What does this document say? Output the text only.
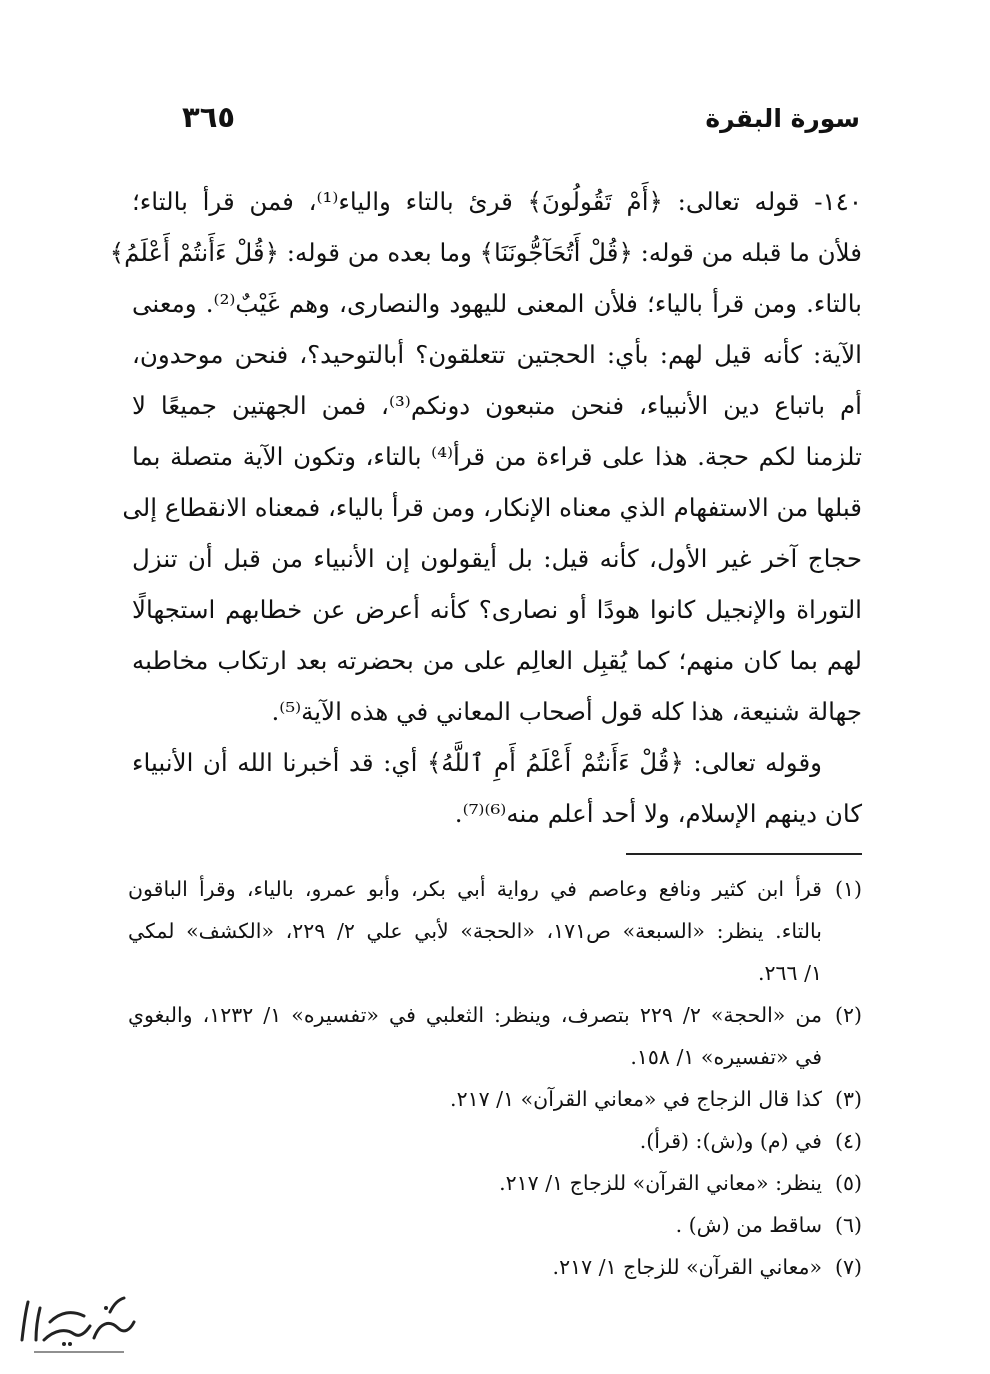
سورة البقرة
٣٦٥
١٤٠- قوله تعالى: ﴿أَمْ تَقُولُونَ﴾ قرئ بالتاء والياء⁽¹⁾، فمن قرأ بالتاء؛
فلأن ما قبله من قوله: ﴿قُلْ أَتُحَآجُّونَنَا﴾ وما بعده من قوله: ﴿قُلْ ءَأَنتُمْ أَعْلَمُ﴾
بالتاء. ومن قرأ بالياء؛ فلأن المعنى لليهود والنصارى، وهم غَيْبٌ⁽²⁾. ومعنى
الآية: كأنه قيل لهم: بأي: الحجتين تتعلقون؟ أبالتوحيد؟، فنحن موحدون،
أم باتباع دين الأنبياء، فنحن متبعون دونكم⁽³⁾، فمن الجهتين جميعًا لا
تلزمنا لكم حجة. هذا على قراءة من قرأ⁽⁴⁾ بالتاء، وتكون الآية متصلة بما
قبلها من الاستفهام الذي معناه الإنكار، ومن قرأ بالياء، فمعناه الانقطاع إلى
حجاج آخر غير الأول، كأنه قيل: بل أيقولون إن الأنبياء من قبل أن تنزل
التوراة والإنجيل كانوا هودًا أو نصارى؟ كأنه أعرض عن خطابهم استجهالًا
لهم بما كان منهم؛ كما يُقبِل العالِم على من بحضرته بعد ارتكاب مخاطبه
جهالة شنيعة، هذا كله قول أصحاب المعاني في هذه الآية⁽⁵⁾.
وقوله تعالى: ﴿قُلْ ءَأَنتُمْ أَعْلَمُ أَمِ ٱللَّهُ﴾ أي: قد أخبرنا الله أن الأنبياء
كان دينهم الإسلام، ولا أحد أعلم منه⁽⁶⁾⁽⁷⁾.
(١)
قرأ ابن كثير ونافع وعاصم في رواية أبي بكر، وأبو عمرو، بالياء، وقرأ الباقون
بالتاء. ينظر: «السبعة» ص١٧١، «الحجة» لأبي علي ٢/ ٢٢٩، «الكشف» لمكي
١/ ٢٦٦.
(٢)
من «الحجة» ٢/ ٢٢٩ بتصرف، وينظر: الثعلبي في «تفسيره» ١/ ١٢٣٢، والبغوي
في «تفسيره» ١/ ١٥٨.
(٣)
كذا قال الزجاج في «معاني القرآن» ١/ ٢١٧.
(٤)
في (م) و(ش): (قرأ).
(٥)
ينظر: «معاني القرآن» للزجاج ١/ ٢١٧.
(٦)
ساقط من (ش) .
(٧)
«معاني القرآن» للزجاج ١/ ٢١٧.
